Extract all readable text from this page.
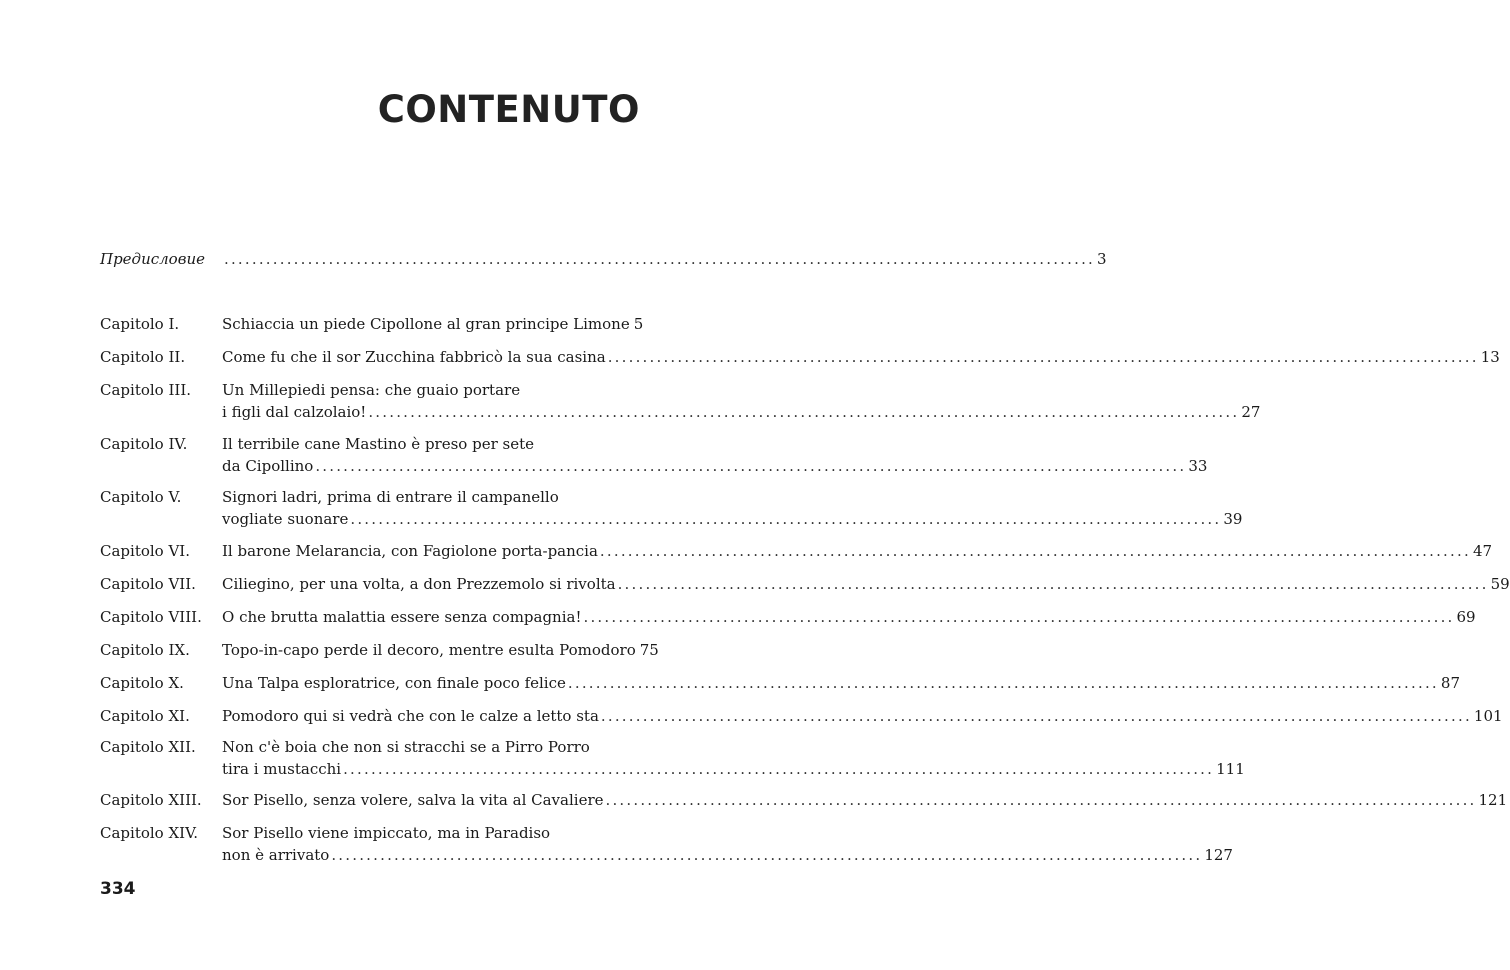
CONTENUTO
Предисловие	............................................................................................................................. 3
Capitolo I.	Schiaccia un piede Cipollone al gran principe Limone 5
Capitolo II.	Come fu che il sor Zucchina fabbricò la sua casina ............................................................................................................................. 13
Capitolo III.	Un Millepiedi pensa: che guaio portare
i figli dal calzolaio! ............................................................................................................................. 27
Capitolo IV.	Il terribile cane Mastino è preso per sete
da Cipollino ............................................................................................................................. 33
Capitolo V.	Signori ladri, prima di entrare il campanello
vogliate suonare ............................................................................................................................. 39
Capitolo VI.	Il barone Melarancia, con Fagiolone porta-pancia ............................................................................................................................. 47
Capitolo VII.	Ciliegino, per una volta, a don Prezzemolo si rivolta ............................................................................................................................. 59
Capitolo VIII.	O che brutta malattia essere senza compagnia! ............................................................................................................................. 69
Capitolo IX.	Topo-in-capo perde il decoro, mentre esulta Pomodoro 75
Capitolo X.	Una Talpa esploratrice, con finale poco felice ............................................................................................................................. 87
Capitolo XI.	Pomodoro qui si vedrà che con le calze a letto sta ............................................................................................................................. 101
Capitolo XII.	Non c'è boia che non si stracchi se a Pirro Porro
tira i mustacchi ............................................................................................................................. 111
Capitolo XIII.	Sor Pisello, senza volere, salva la vita al Cavaliere ............................................................................................................................. 121
Capitolo XIV.	Sor Pisello viene impiccato, ma in Paradiso
non è arrivato ............................................................................................................................. 127
334
